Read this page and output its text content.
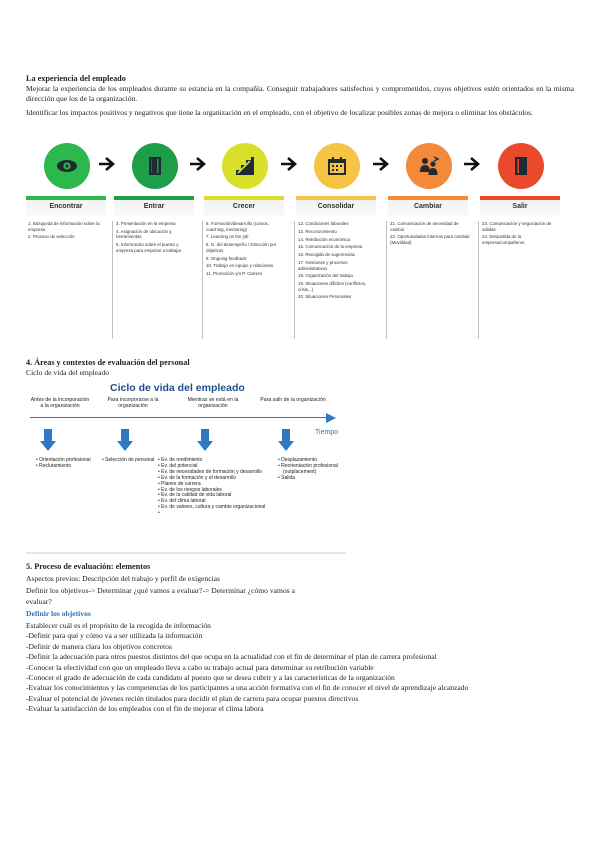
La experiencia del empleado
Mejorar la experiencia de los empleados durante su estancia en la compañía. Conseguir trabajadores satisfechos y comprometidos, cuyos objetivos estén orientados en la misma dirección que los de la organización.
Identificar los impactos positivos y negativos que tiene la organización en el empleado, con el objetivo de localizar posibles zonas de mejora o eliminar los obstáculos.
Encontrar
1. Búsqueda de información sobre la empresa
2. Proceso de selección
Entrar
3. Presentación en la empresa
4. Asignación de ubicación y herramientas
5. Información sobre el puesto y empresa para empezar a trabajar
Crecer
6. Formación/desarrollo (cursos, coaching, mentoring)
7. Learning on the job
8. G. del desempeño / Dirección por objetivos
9. Ongoing feedback
10. Trabajo en equipo y relaciones
11. Promoción y/o P. Carrera
Consolidar
12. Condiciones laborales
13. Reconocimiento
14. Retribución económica
15. Comunicación de la empresa
16. Recogida de sugerencias
17. Gestiones y procesos administrativos
18. Organización del trabajo
19. Situaciones difíciles (conflictos, crisis...)
20. Situaciones Personales
Cambiar
21. Comunicación de necesidad de cambio
22. Oportunidades internas para cambiar (Movilidad)
Salir
23. Comunicación y negociación de salidas
24. Despedida de la empresa/compañeros
4. Áreas y contextos de evaluación del personal
Ciclo de vida del empleado
Ciclo de vida del empleado
Antes de la incorporación a la organización
Para incorporarse a la organización
Mientras se está en la organización
Para salir de la organización
Tiempo
• Orientación profesional
• Reclutamiento
• Selección de personal
•	Ev. de rendimiento
• Ev. del potencial
• Ev. de necesidades de formación y desarrollo
• Ev. de la formación y el desarrollo
• Planes de carrera
• Ev. de los riesgos laborales
• Ev. de la calidad de vida laboral
• Ev. del clima laboral
• Ev. de valores, cultura y cambio organizacional
•
• Desplazamiento
• Reorientación profesional (outplacement)
• Salida
5. Proceso de evaluación: elementos
Aspectos previos: Descripción del trabajo y perfil de exigencias
Definir los objetivos-> Determinar ¿qué vamos a evaluar?-> Determinar ¿cómo vamos a
evaluar?
Definir los objetivos
Establecer cuál es el propósito de la recogida de información
-Definir para qué y cómo va a ser utilizada la información
-Definir de manera clara los objetivos concretos
-Definir la adecuación para otros puestos distintos del que ocupa en la actualidad con el fin de determinar el plan de carrera profesional
-Conocer la efectividad con que un empleado lleva a cabo su trabajo actual para determinar su retribución variable
-Conocer el grado de adecuación de cada candidato al puesto que se desea cubrir y a las características de la organización
-Evaluar los conocimientos y las competencias de los participantes a una acción formativa con el fin de conocer el nivel de aprendizaje alcanzado
-Evaluar el potencial de jóvenes recién titulados para decidir el plan de carrera para ocupar puestos directivos
-Evaluar la satisfacción de los empleados con el fin de mejorar el clima labora
